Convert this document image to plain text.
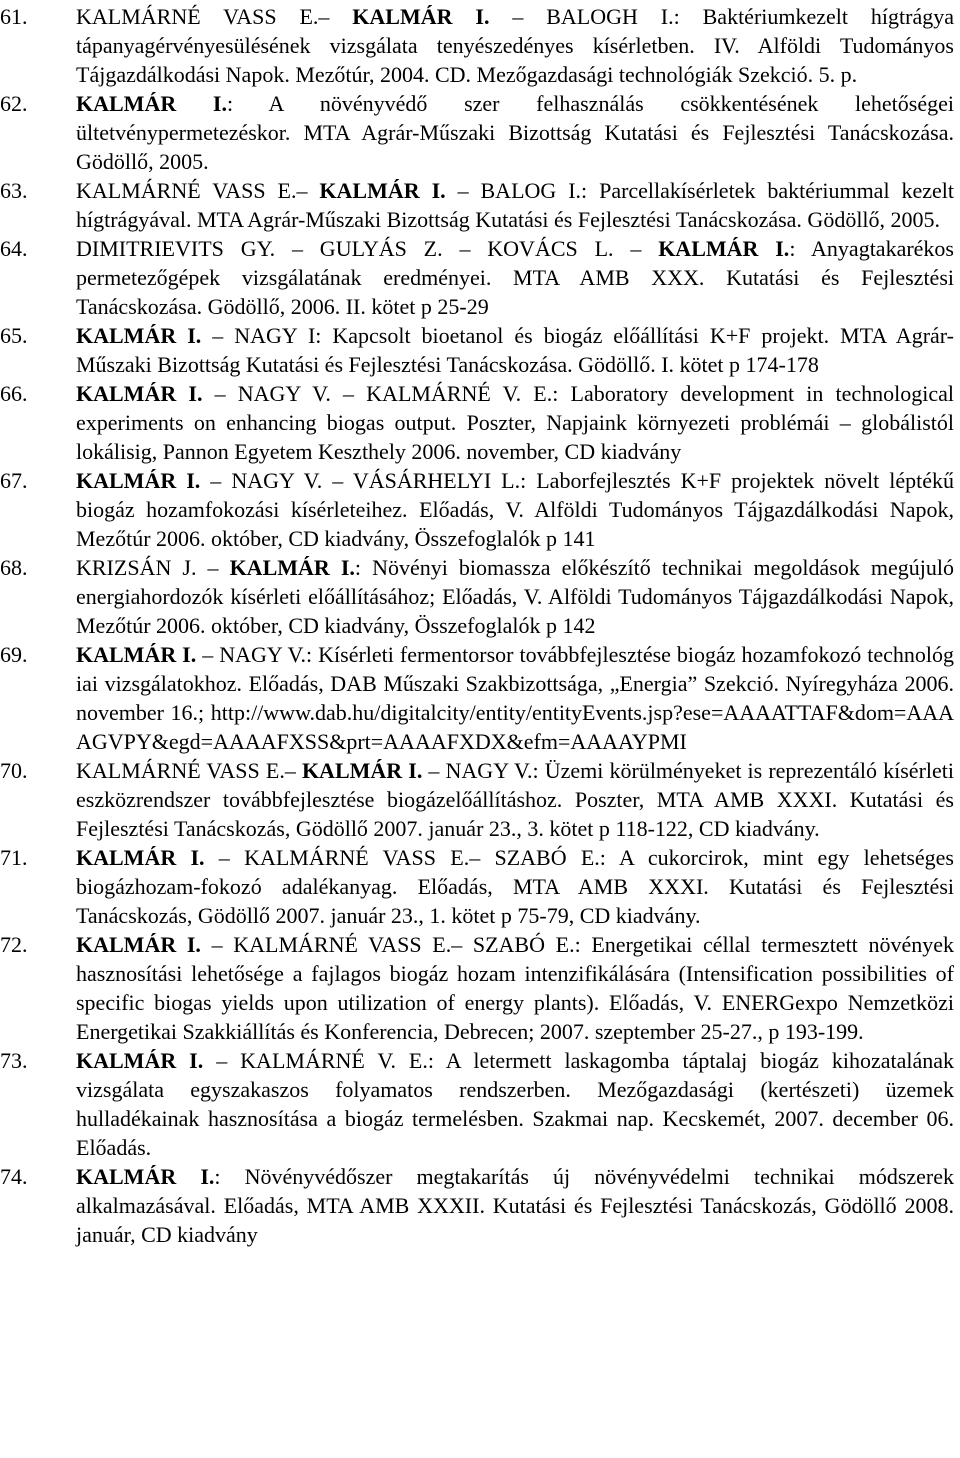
61. KALMÁRNÉ VASS E.– KALMÁR I. – BALOGH I.: Baktériumkezelt hígtrágya tápanyagérvényesülésének vizsgálata tenyészedényes kísérletben. IV. Alföldi Tudományos Tájgazdálkodási Napok. Mezőtúr, 2004. CD. Mezőgazdasági technológiák Szekció. 5. p.
62. KALMÁR I.: A növényvédő szer felhasználás csökkentésének lehetőségei ültetvénypermetezéskor. MTA Agrár-Műszaki Bizottság Kutatási és Fejlesztési Tanácskozása. Gödöllő, 2005.
63. KALMÁRNÉ VASS E.– KALMÁR I. – BALOG I.: Parcellakísérletek baktériummal kezelt hígtrágyával. MTA Agrár-Műszaki Bizottság Kutatási és Fejlesztési Tanácskozása. Gödöllő, 2005.
64. DIMITRIEVITS GY. – GULYÁS Z. – KOVÁCS L. – KALMÁR I.: Anyagtakarékos permetezőgépek vizsgálatának eredményei. MTA AMB XXX. Kutatási és Fejlesztési Tanácskozása. Gödöllő, 2006. II. kötet p 25-29
65. KALMÁR I. – NAGY I: Kapcsolt bioetanol és biogáz előállítási K+F projekt. MTA Agrár-Műszaki Bizottság Kutatási és Fejlesztési Tanácskozása. Gödöllő. I. kötet p 174-178
66. KALMÁR I. – NAGY V. – KALMÁRNÉ V. E.: Laboratory development in technological experiments on enhancing biogas output. Poszter, Napjaink környezeti problémái – globálistól lokálisig, Pannon Egyetem Keszthely 2006. november, CD kiadvány
67. KALMÁR I. – NAGY V. – VÁSÁRHELYI L.: Laborfejlesztés K+F projektek növelt léptékű biogáz hozamfokozási kísérleteihez. Előadás, V. Alföldi Tudományos Tájgazdálkodási Napok, Mezőtúr 2006. október, CD kiadvány, Összefoglalók p 141
68. KRIZSÁN J. – KALMÁR I.: Növényi biomassza előkészítő technikai megoldások megújuló energiahordozók kísérleti előállításához; Előadás, V. Alföldi Tudományos Tájgazdálkodási Napok, Mezőtúr 2006. október, CD kiadvány, Összefoglalók p 142
69. KALMÁR I. – NAGY V.: Kísérleti fermentorsor továbbfejlesztése biogáz hozamfokozó technológiai vizsgálatokhoz. Előadás, DAB Műszaki Szakbizottsága, „Energia” Szekció. Nyíregyháza 2006. november 16.; http://www.dab.hu/digitalcity/entity/entityEvents.jsp?ese=AAAATTAF&dom=AAAAGVPY&egd=AAAAFXSS&prt=AAAAFXDX&efm=AAAAYPMI
70. KALMÁRNÉ VASS E.– KALMÁR I. – NAGY V.: Üzemi körülményeket is reprezentáló kísérleti eszközrendszer továbbfejlesztése biogázelőállításhoz. Poszter, MTA AMB XXXI. Kutatási és Fejlesztési Tanácskozás, Gödöllő 2007. január 23., 3. kötet p 118-122, CD kiadvány.
71. KALMÁR I. – KALMÁRNÉ VASS E.– SZABÓ E.: A cukorcirok, mint egy lehetséges biogázhozam-fokozó adalékanyag. Előadás, MTA AMB XXXI. Kutatási és Fejlesztési Tanácskozás, Gödöllő 2007. január 23., 1. kötet p 75-79, CD kiadvány.
72. KALMÁR I. – KALMÁRNÉ VASS E.– SZABÓ E.: Energetikai céllal termesztett növények hasznosítási lehetősége a fajlagos biogáz hozam intenzifikálására (Intensification possibilities of specific biogas yields upon utilization of energy plants). Előadás, V. ENERGexpo Nemzetközi Energetikai Szakkiállítás és Konferencia, Debrecen; 2007. szeptember 25-27., p 193-199.
73. KALMÁR I. – KALMÁRNÉ V. E.: A letermett laskagomba táptalaj biogáz kihozatalának vizsgálata egyszakaszos folyamatos rendszerben. Mezőgazdasági (kertészeti) üzemek hulladékainak hasznosítása a biogáz termelésben. Szakmai nap. Kecskemét, 2007. december 06. Előadás.
74. KALMÁR I.: Növényvédőszer megtakarítás új növényvédelmi technikai módszerek alkalmazásával. Előadás, MTA AMB XXXII. Kutatási és Fejlesztési Tanácskozás, Gödöllő 2008. január, CD kiadvány
